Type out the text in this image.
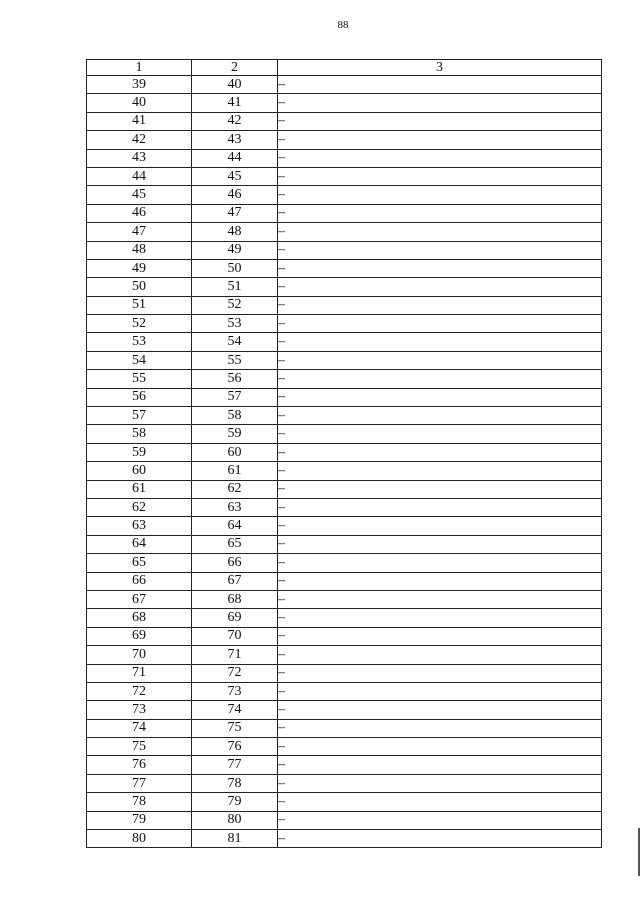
88
1	2	3
39	40	–
40	41	–
41	42	–
42	43	–
43	44	–
44	45	–
45	46	–
46	47	–
47	48	–
48	49	–
49	50	–
50	51	–
51	52	–
52	53	–
53	54	–
54	55	–
55	56	–
56	57	–
57	58	–
58	59	–
59	60	–
60	61	–
61	62	–
62	63	–
63	64	–
64	65	–
65	66	–
66	67	–
67	68	–
68	69	–
69	70	–
70	71	–
71	72	–
72	73	–
73	74	–
74	75	–
75	76	–
76	77	–
77	78	–
78	79	–
79	80	–
80	81	–
